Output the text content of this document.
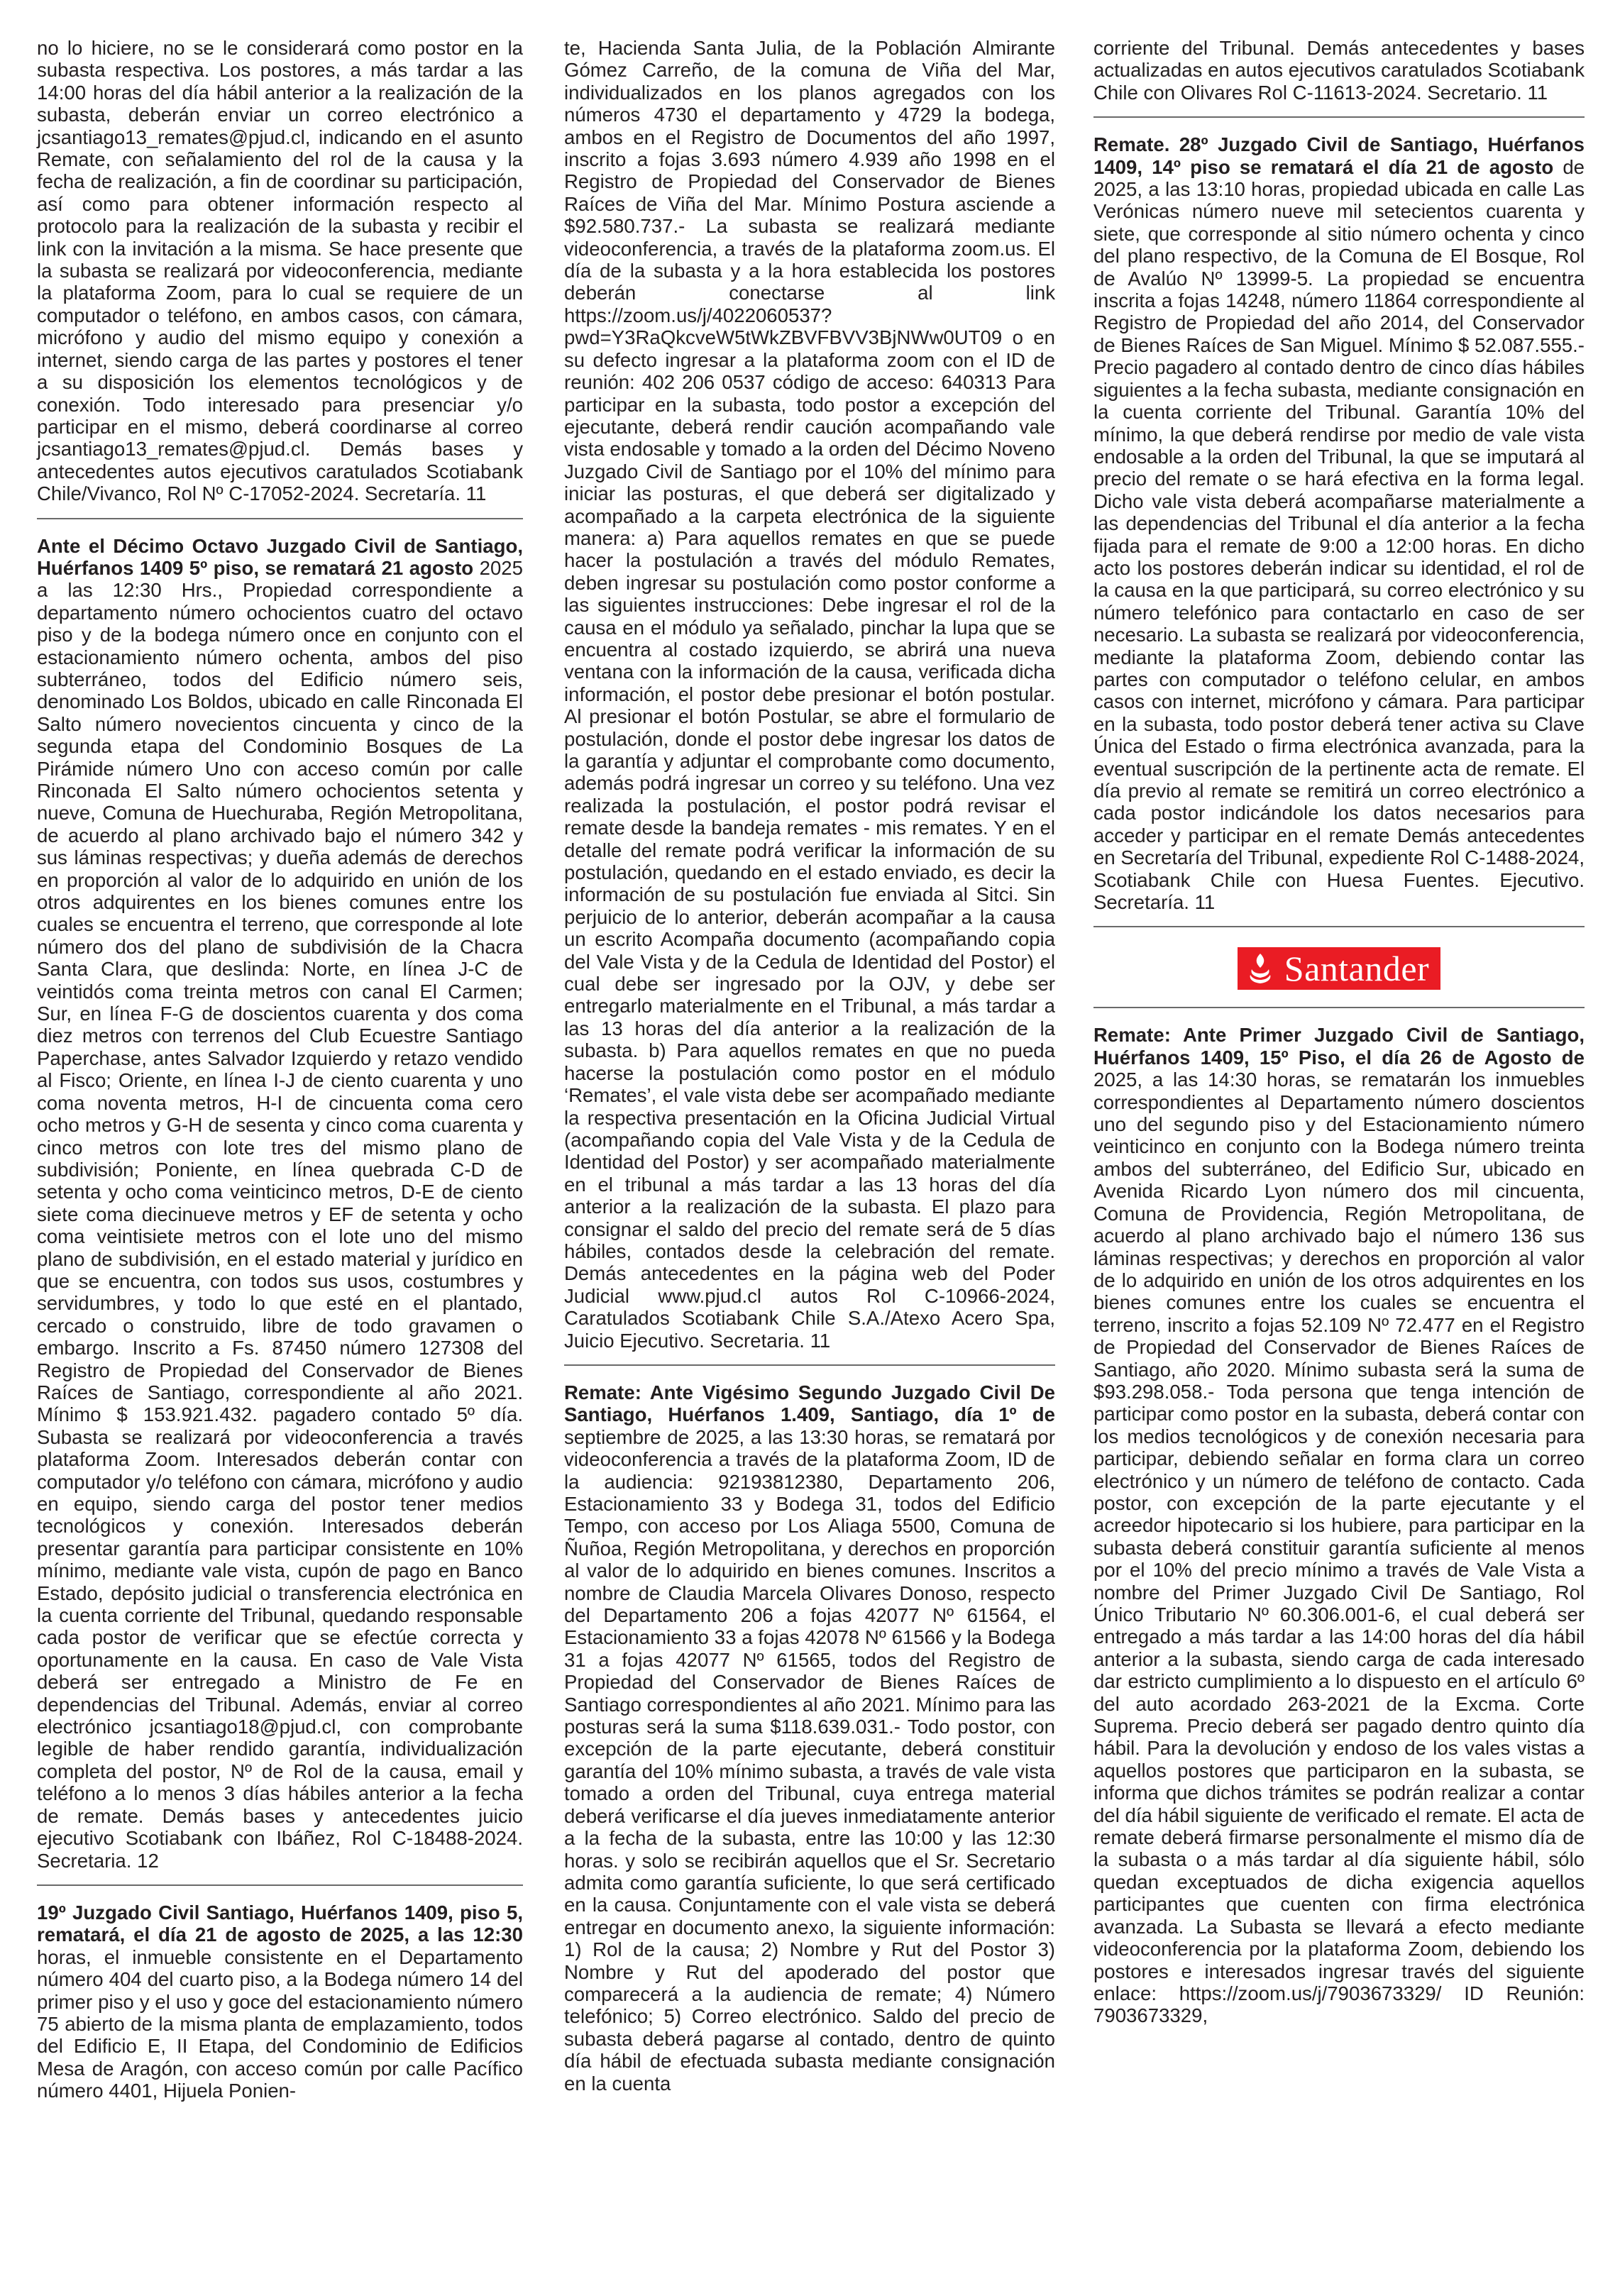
no lo hiciere, no se le considerará como postor en la subasta respectiva. Los postores, a más tardar a las 14:00 horas del día hábil anterior a la realización de la subasta, deberán enviar un correo electrónico a jcsantiago13_remates@pjud.cl, indicando en el asunto Remate, con señalamiento del rol de la causa y la fecha de realización, a fin de coordinar su participación, así como para obtener información respecto al protocolo para la realización de la subasta y recibir el link con la invitación a la misma. Se hace presente que la subasta se realizará por videoconferencia, mediante la plataforma Zoom, para lo cual se requiere de un computador o teléfono, en ambos casos, con cámara, micrófono y audio del mismo equipo y conexión a internet, siendo carga de las partes y postores el tener a su disposición los elementos tecnológicos y de conexión. Todo interesado para presenciar y/o participar en el mismo, deberá coordinarse al correo jcsantiago13_remates@pjud.cl. Demás bases y antecedentes autos ejecutivos caratulados Scotiabank Chile/Vivanco, Rol Nº C-17052-2024. Secretaría. 11

Ante el Décimo Octavo Juzgado Civil de Santiago, Huérfanos 1409 5º piso, se rematará 21 agosto 2025 a las 12:30 Hrs., Propiedad correspondiente a departamento número ochocientos cuatro del octavo piso y de la bodega número once en conjunto con el estacionamiento número ochenta, ambos del piso subterráneo, todos del Edificio número seis, denominado Los Boldos, ubicado en calle Rinconada El Salto número novecientos cincuenta y cinco de la segunda etapa del Condominio Bosques de La Pirámide número Uno con acceso común por calle Rinconada El Salto número ochocientos setenta y nueve, Comuna de Huechuraba, Región Metropolitana, de acuerdo al plano archivado bajo el número 342 y sus láminas respectivas; y dueña además de derechos en proporción al valor de lo adquirido en unión de los otros adquirentes en los bienes comunes entre los cuales se encuentra el terreno, que corresponde al lote número dos del plano de subdivisión de la Chacra Santa Clara, que deslinda: Norte, en línea J-C de veintidós coma treinta metros con canal El Carmen; Sur, en línea F-G de doscientos cuarenta y dos coma diez metros con terrenos del Club Ecuestre Santiago Paperchase, antes Salvador Izquierdo y retazo vendido al Fisco; Oriente, en línea I-J de ciento cuarenta y uno coma noventa metros, H-I de cincuenta coma cero ocho metros y G-H de sesenta y cinco coma cuarenta y cinco metros con lote tres del mismo plano de subdivisión; Poniente, en línea quebrada C-D de setenta y ocho coma veinticinco metros, D-E de ciento siete coma diecinueve metros y EF de setenta y ocho coma veintisiete metros con el lote uno del mismo plano de subdivisión, en el estado material y jurídico en que se encuentra, con todos sus usos, costumbres y servidumbres, y todo lo que esté en el plantado, cercado o construido, libre de todo gravamen o embargo. Inscrito a Fs. 87450 número 127308 del Registro de Propiedad del Conservador de Bienes Raíces de Santiago, correspondiente al año 2021. Mínimo $ 153.921.432. pagadero contado 5º día. Subasta se realizará por videoconferencia a través plataforma Zoom. Interesados deberán contar con computador y/o teléfono con cámara, micrófono y audio en equipo, siendo carga del postor tener medios tecnológicos y conexión. Interesados deberán presentar garantía para participar consistente en 10% mínimo, mediante vale vista, cupón de pago en Banco Estado, depósito judicial o transferencia electrónica en la cuenta corriente del Tribunal, quedando responsable cada postor de verificar que se efectúe correcta y oportunamente en la causa. En caso de Vale Vista deberá ser entregado a Ministro de Fe en dependencias del Tribunal. Además, enviar al correo electrónico jcsantiago18@pjud.cl, con comprobante legible de haber rendido garantía, individualización completa del postor, Nº de Rol de la causa, email y teléfono a lo menos 3 días hábiles anterior a la fecha de remate. Demás bases y antecedentes juicio ejecutivo Scotiabank con Ibáñez, Rol C-18488-2024. Secretaria. 12

19º Juzgado Civil Santiago, Huérfanos 1409, piso 5, rematará, el día 21 de agosto de 2025, a las 12:30 horas, el inmueble consistente en el Departamento número 404 del cuarto piso, a la Bodega número 14 del primer piso y el uso y goce del estacionamiento número 75 abierto de la misma planta de emplazamiento, todos del Edificio E, II Etapa, del Condominio de Edificios Mesa de Aragón, con acceso común por calle Pacífico número 4401, Hijuela Ponien-

te, Hacienda Santa Julia, de la Población Almirante Gómez Carreño, de la comuna de Viña del Mar, individualizados en los planos agregados con los números 4730 el departamento y 4729 la bodega, ambos en el Registro de Documentos del año 1997, inscrito a fojas 3.693 número 4.939 año 1998 en el Registro de Propiedad del Conservador de Bienes Raíces de Viña del Mar. Mínimo Postura asciende a $92.580.737.- La subasta se realizará mediante videoconferencia, a través de la plataforma zoom.us. El día de la subasta y a la hora establecida los postores deberán conectarse al link https://zoom.us/j/4022060537?pwd=Y3RaQkcveW5tWkZBVFBVV3BjNWw0UT09 o en su defecto ingresar a la plataforma zoom con el ID de reunión: 402 206 0537 código de acceso: 640313 Para participar en la subasta, todo postor a excepción del ejecutante, deberá rendir caución acompañando vale vista endosable y tomado a la orden del Décimo Noveno Juzgado Civil de Santiago por el 10% del mínimo para iniciar las posturas, el que deberá ser digitalizado y acompañado a la carpeta electrónica de la siguiente manera: a) Para aquellos remates en que se puede hacer la postulación a través del módulo Remates, deben ingresar su postulación como postor conforme a las siguientes instrucciones: Debe ingresar el rol de la causa en el módulo ya señalado, pinchar la lupa que se encuentra al costado izquierdo, se abrirá una nueva ventana con la información de la causa, verificada dicha información, el postor debe presionar el botón postular. Al presionar el botón Postular, se abre el formulario de postulación, donde el postor debe ingresar los datos de la garantía y adjuntar el comprobante como documento, además podrá ingresar un correo y su teléfono. Una vez realizada la postulación, el postor podrá revisar el remate desde la bandeja remates - mis remates. Y en el detalle del remate podrá verificar la información de su postulación, quedando en el estado enviado, es decir la información de su postulación fue enviada al Sitci. Sin perjuicio de lo anterior, deberán acompañar a la causa un escrito Acompaña documento (acompañando copia del Vale Vista y de la Cedula de Identidad del Postor) el cual debe ser ingresado por la OJV, y debe ser entregarlo materialmente en el Tribunal, a más tardar a las 13 horas del día anterior a la realización de la subasta. b) Para aquellos remates en que no pueda hacerse la postulación como postor en el módulo ‘Remates’, el vale vista debe ser acompañado mediante la respectiva presentación en la Oficina Judicial Virtual (acompañando copia del Vale Vista y de la Cedula de Identidad del Postor) y ser acompañado materialmente en el tribunal a más tardar a las 13 horas del día anterior a la realización de la subasta. El plazo para consignar el saldo del precio del remate será de 5 días hábiles, contados desde la celebración del remate. Demás antecedentes en la página web del Poder Judicial www.pjud.cl autos Rol C-10966-2024, Caratulados Scotiabank Chile S.A./Atexo Acero Spa, Juicio Ejecutivo. Secretaria. 11

Remate: Ante Vigésimo Segundo Juzgado Civil De Santiago, Huérfanos 1.409, Santiago, día 1º de septiembre de 2025, a las 13:30 horas, se rematará por videoconferencia a través de la plataforma Zoom, ID de la audiencia: 92193812380, Departamento 206, Estacionamiento 33 y Bodega 31, todos del Edificio Tempo, con acceso por Los Aliaga 5500, Comuna de Ñuñoa, Región Metropolitana, y derechos en proporción al valor de lo adquirido en bienes comunes. Inscritos a nombre de Claudia Marcela Olivares Donoso, respecto del Departamento 206 a fojas 42077 Nº 61564, el Estacionamiento 33 a fojas 42078 Nº 61566 y la Bodega 31 a fojas 42077 Nº 61565, todos del Registro de Propiedad del Conservador de Bienes Raíces de Santiago correspondientes al año 2021. Mínimo para las posturas será la suma $118.639.031.- Todo postor, con excepción de la parte ejecutante, deberá constituir garantía del 10% mínimo subasta, a través de vale vista tomado a orden del Tribunal, cuya entrega material deberá verificarse el día jueves inmediatamente anterior a la fecha de la subasta, entre las 10:00 y las 12:30 horas. y solo se recibirán aquellos que el Sr. Secretario admita como garantía suficiente, lo que será certificado en la causa. Conjuntamente con el vale vista se deberá entregar en documento anexo, la siguiente información: 1) Rol de la causa; 2) Nombre y Rut del Postor 3) Nombre y Rut del apoderado del postor que comparecerá a la audiencia de remate; 4) Número telefónico; 5) Correo electrónico. Saldo del precio de subasta deberá pagarse al contado, dentro de quinto día hábil de efectuada subasta mediante consignación en la cuenta

corriente del Tribunal. Demás antecedentes y bases actualizadas en autos ejecutivos caratulados Scotiabank Chile con Olivares Rol C-11613-2024. Secretario. 11

Remate. 28º Juzgado Civil de Santiago, Huérfanos 1409, 14º piso se rematará el día 21 de agosto de 2025, a las 13:10 horas, propiedad ubicada en calle Las Verónicas número nueve mil setecientos cuarenta y siete, que corresponde al sitio número ochenta y cinco del plano respectivo, de la Comuna de El Bosque, Rol de Avalúo Nº 13999-5. La propiedad se encuentra inscrita a fojas 14248, número 11864 correspondiente al Registro de Propiedad del año 2014, del Conservador de Bienes Raíces de San Miguel. Mínimo $ 52.087.555.- Precio pagadero al contado dentro de cinco días hábiles siguientes a la fecha subasta, mediante consignación en la cuenta corriente del Tribunal. Garantía 10% del mínimo, la que deberá rendirse por medio de vale vista endosable a la orden del Tribunal, la que se imputará al precio del remate o se hará efectiva en la forma legal. Dicho vale vista deberá acompañarse materialmente a las dependencias del Tribunal el día anterior a la fecha fijada para el remate de 9:00 a 12:00 horas. En dicho acto los postores deberán indicar su identidad, el rol de la causa en la que participará, su correo electrónico y su número telefónico para contactarlo en caso de ser necesario. La subasta se realizará por videoconferencia, mediante la plataforma Zoom, debiendo contar las partes con computador o teléfono celular, en ambos casos con internet, micrófono y cámara. Para participar en la subasta, todo postor deberá tener activa su Clave Única del Estado o firma electrónica avanzada, para la eventual suscripción de la pertinente acta de remate. El día previo al remate se remitirá un correo electrónico a cada postor indicándole los datos necesarios para acceder y participar en el remate Demás antecedentes en Secretaría del Tribunal, expediente Rol C-1488-2024, Scotiabank Chile con Huesa Fuentes. Ejecutivo. Secretaría. 11

Santander

Remate: Ante Primer Juzgado Civil de Santiago, Huérfanos 1409, 15º Piso, el día 26 de Agosto de 2025, a las 14:30 horas, se rematarán los inmuebles correspondientes al Departamento número doscientos uno del segundo piso y del Estacionamiento número veinticinco en conjunto con la Bodega número treinta ambos del subterráneo, del Edificio Sur, ubicado en Avenida Ricardo Lyon número dos mil cincuenta, Comuna de Providencia, Región Metropolitana, de acuerdo al plano archivado bajo el número 136 sus láminas respectivas; y derechos en proporción al valor de lo adquirido en unión de los otros adquirentes en los bienes comunes entre los cuales se encuentra el terreno, inscrito a fojas 52.109 Nº 72.477 en el Registro de Propiedad del Conservador de Bienes Raíces de Santiago, año 2020. Mínimo subasta será la suma de $93.298.058.- Toda persona que tenga intención de participar como postor en la subasta, deberá contar con los medios tecnológicos y de conexión necesaria para participar, debiendo señalar en forma clara un correo electrónico y un número de teléfono de contacto. Cada postor, con excepción de la parte ejecutante y el acreedor hipotecario si los hubiere, para participar en la subasta deberá constituir garantía suficiente al menos por el 10% del precio mínimo a través de Vale Vista a nombre del Primer Juzgado Civil De Santiago, Rol Único Tributario Nº 60.306.001-6, el cual deberá ser entregado a más tardar a las 14:00 horas del día hábil anterior a la subasta, siendo carga de cada interesado dar estricto cumplimiento a lo dispuesto en el artículo 6º del auto acordado 263-2021 de la Excma. Corte Suprema. Precio deberá ser pagado dentro quinto día hábil. Para la devolución y endoso de los vales vistas a aquellos postores que participaron en la subasta, se informa que dichos trámites se podrán realizar a contar del día hábil siguiente de verificado el remate. El acta de remate deberá firmarse personalmente el mismo día de la subasta o a más tardar al día siguiente hábil, sólo quedan exceptuados de dicha exigencia aquellos participantes que cuenten con firma electrónica avanzada. La Subasta se llevará a efecto mediante videoconferencia por la plataforma Zoom, debiendo los postores e interesados ingresar través del siguiente enlace: https://zoom.us/j/7903673329/ ID Reunión: 7903673329,
